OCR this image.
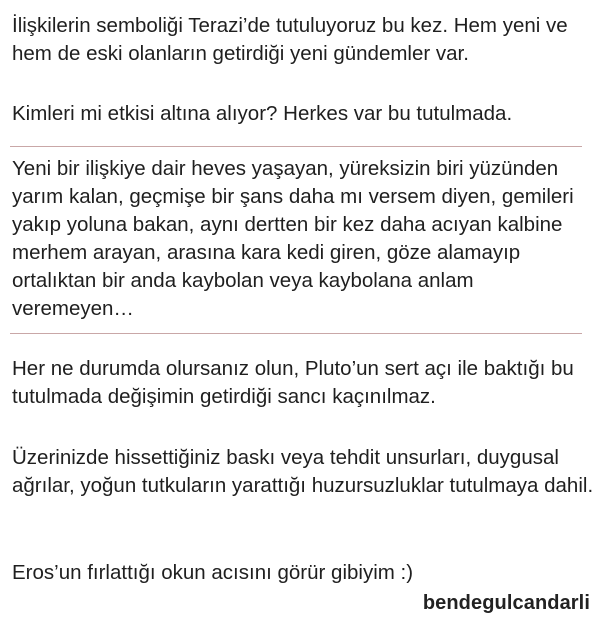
İlişkilerin semboliği Terazi’de tutuluyoruz bu kez. Hem yeni ve hem de eski olanların getirdiği yeni gündemler var.

Kimleri mi etkisi altına alıyor? Herkes var bu tutulmada.

Yeni bir ilişkiye dair heves yaşayan, yüreksizin biri yüzünden yarım kalan, geçmişe bir şans daha mı versem diyen, gemileri yakıp yoluna bakan, aynı dertten bir kez daha acıyan kalbine merhem arayan, arasına kara kedi giren, göze alamayıp ortalıktan bir anda kaybolan veya kaybolana anlam veremeyen…

Her ne durumda olursanız olun, Pluto’un sert açı ile baktığı bu tutulmada değişimin getirdiği sancı kaçınılmaz.

Üzerinizde hissettiğiniz baskı veya tehdit unsurları, duygusal ağrılar, yoğun tutkuların yarattığı huzursuzluklar tutulmaya dahil.

Eros’un fırlattığı okun acısını görür gibiyim :)

bendegulcandarli
